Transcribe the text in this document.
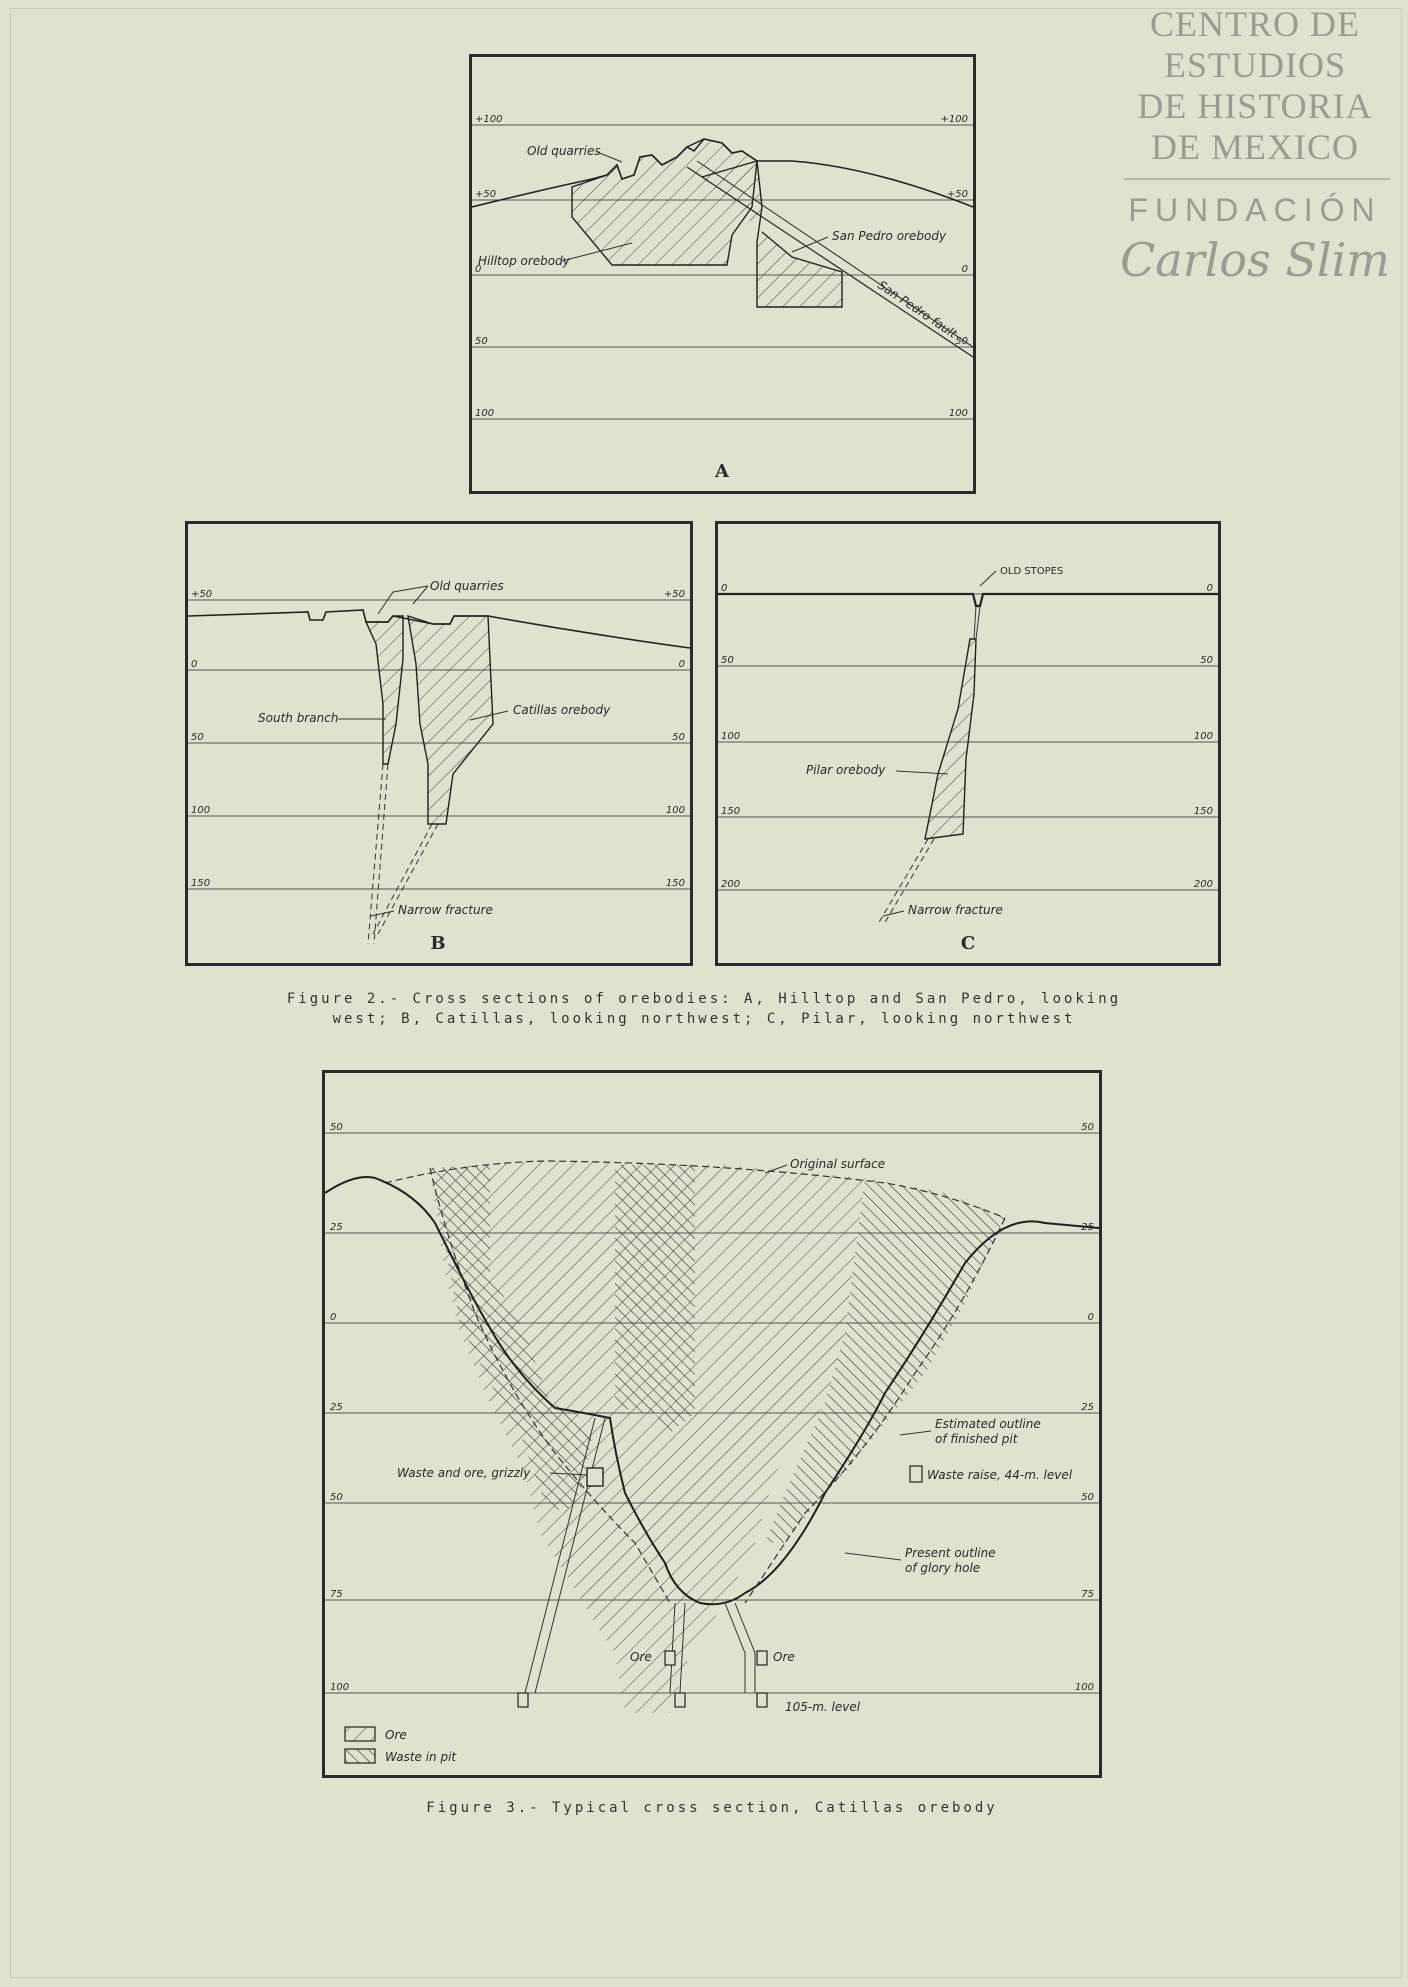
CENTRO DE
ESTUDIOS
DE HISTORIA
DE MEXICO
FUNDACIÓN
Carlos Slim
+100
+50
0
50
100
+100
+50
0
50
100
Old quarries
San Pedro orebody
Hilltop orebody
San Pedro fault
A
+50
0
50
100
150
+50
0
50
100
150
Old quarries
South branch
Catillas orebody
Narrow fracture
B
0
50
100
150
200
0
50
100
150
200
OLD STOPES
Pilar orebody
Narrow fracture
C
Figure 2.- Cross sections of orebodies: A, Hilltop and San Pedro, looking
west; B, Catillas, looking northwest; C, Pilar, looking northwest
50
25
0
25
50
75
100
50
25
0
25
50
75
100
Original surface
Estimated outline
of finished pit
Waste and ore, grizzly	Waste raise, 44-m. level
Present outline
of glory hole
Ore	Ore
105-m. level
Ore
Waste in pit
Figure 3.- Typical cross section, Catillas orebody
